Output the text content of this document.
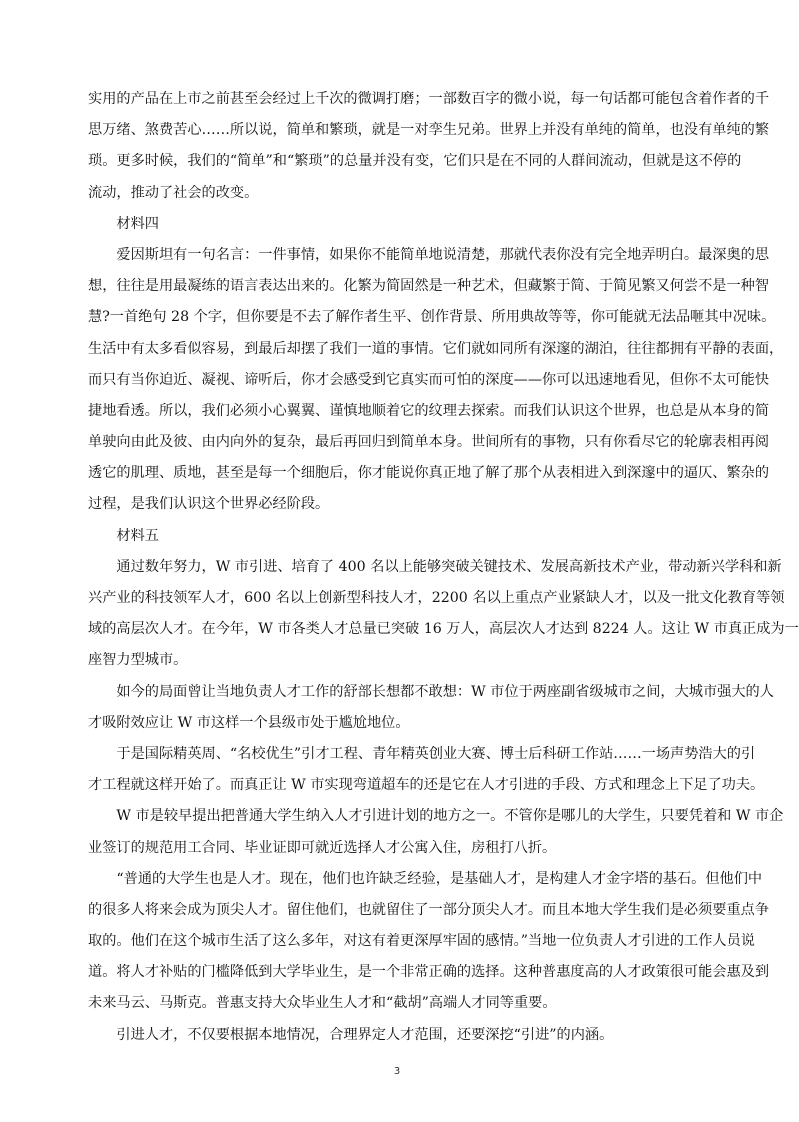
实用的产品在上市之前甚至会经过上千次的微调打磨；一部数百字的微小说，每一句话都可能包含着作者的千
思万绪、煞费苦心……所以说，简单和繁琐，就是一对孪生兄弟。世界上并没有单纯的简单，也没有单纯的繁
琐。更多时候，我们的“简单”和“繁琐”的总量并没有变，它们只是在不同的人群间流动，但就是这不停的
流动，推动了社会的改变。
　　材料四
　　爱因斯坦有一句名言：一件事情，如果你不能简单地说清楚，那就代表你没有完全地弄明白。最深奥的思
想，往往是用最凝练的语言表达出来的。化繁为简固然是一种艺术，但藏繁于简、于简见繁又何尝不是一种智
慧?一首绝句 28 个字，但你要是不去了解作者生平、创作背景、所用典故等等，你可能就无法品咂其中况味。
生活中有太多看似容易，到最后却摆了我们一道的事情。它们就如同所有深邃的湖泊，往往都拥有平静的表面，
而只有当你迫近、凝视、谛听后，你才会感受到它真实而可怕的深度——你可以迅速地看见，但你不太可能快
捷地看透。所以，我们必须小心翼翼、谨慎地顺着它的纹理去探索。而我们认识这个世界，也总是从本身的简
单驶向由此及彼、由内向外的复杂，最后再回归到简单本身。世间所有的事物，只有你看尽它的轮廓表相再阅
透它的肌理、质地，甚至是每一个细胞后，你才能说你真正地了解了那个从表相进入到深邃中的逼仄、繁杂的
过程，是我们认识这个世界必经阶段。
　　材料五
　　通过数年努力，W 市引进、培育了 400 名以上能够突破关键技术、发展高新技术产业，带动新兴学科和新
兴产业的科技领军人才，600 名以上创新型科技人才，2200 名以上重点产业紧缺人才，以及一批文化教育等领
域的高层次人才。在今年，W 市各类人才总量已突破 16 万人，高层次人才达到 8224 人。这让 W 市真正成为一
座智力型城市。
　　如今的局面曾让当地负责人才工作的舒部长想都不敢想：W 市位于两座副省级城市之间，大城市强大的人
才吸附效应让 W 市这样一个县级市处于尴尬地位。
　　于是国际精英周、“名校优生”引才工程、青年精英创业大赛、博士后科研工作站……一场声势浩大的引
才工程就这样开始了。而真正让 W 市实现弯道超车的还是它在人才引进的手段、方式和理念上下足了功夫。
　　W 市是较早提出把普通大学生纳入人才引进计划的地方之一。不管你是哪儿的大学生，只要凭着和 W 市企
业签订的规范用工合同、毕业证即可就近选择人才公寓入住，房租打八折。
　　“普通的大学生也是人才。现在，他们也许缺乏经验，是基础人才，是构建人才金字塔的基石。但他们中
的很多人将来会成为顶尖人才。留住他们，也就留住了一部分顶尖人才。而且本地大学生我们是必须要重点争
取的。他们在这个城市生活了这么多年，对这有着更深厚牢固的感情。”当地一位负责人才引进的工作人员说
道。将人才补贴的门槛降低到大学毕业生，是一个非常正确的选择。这种普惠度高的人才政策很可能会惠及到
未来马云、马斯克。普惠支持大众毕业生人才和“截胡”高端人才同等重要。
　　引进人才，不仅要根据本地情况，合理界定人才范围，还要深挖“引进”的内涵。
3
